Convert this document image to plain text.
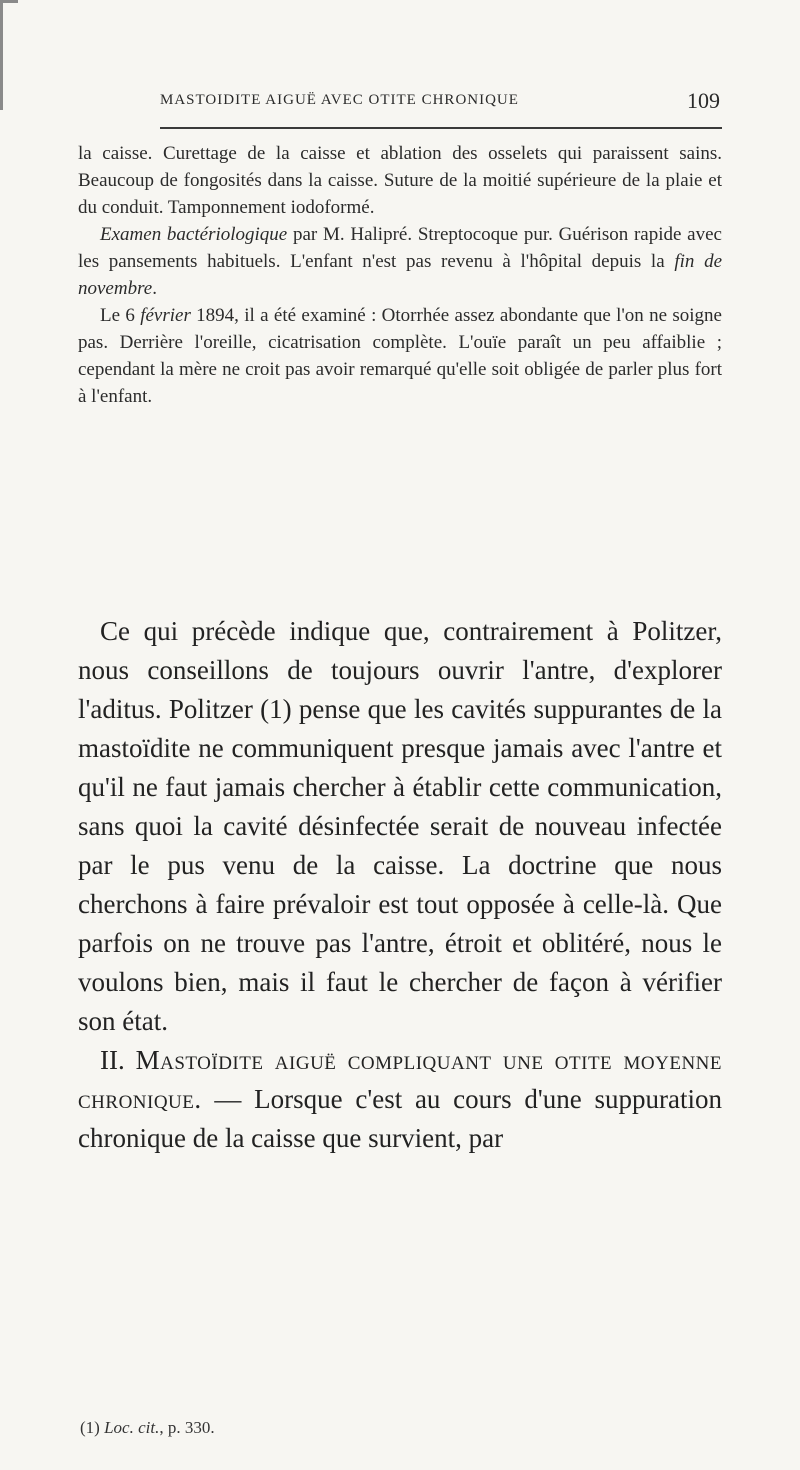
MASTOIDITE AIGUË AVEC OTITE CHRONIQUE	109

la caisse. Curettage de la caisse et ablation des osselets qui paraissent sains. Beaucoup de fongosités dans la caisse. Suture de la moitié supérieure de la plaie et du conduit. Tamponnement iodoformé.

Examen bactériologique par M. Halipré. Streptocoque pur. Guérison rapide avec les pansements habituels. L'enfant n'est pas revenu à l'hôpital depuis la fin de novembre.

Le 6 février 1894, il a été examiné : Otorrhée assez abondante que l'on ne soigne pas. Derrière l'oreille, cicatrisation complète. L'ouïe paraît un peu affaiblie ; cependant la mère ne croit pas avoir remarqué qu'elle soit obligée de parler plus fort à l'enfant.

Ce qui précède indique que, contrairement à Politzer, nous conseillons de toujours ouvrir l'antre, d'explorer l'aditus. Politzer (1) pense que les cavités suppurantes de la mastoïdite ne communiquent presque jamais avec l'antre et qu'il ne faut jamais chercher à établir cette communication, sans quoi la cavité désinfectée serait de nouveau infectée par le pus venu de la caisse. La doctrine que nous cherchons à faire prévaloir est tout opposée à celle-là. Que parfois on ne trouve pas l'antre, étroit et oblitéré, nous le voulons bien, mais il faut le chercher de façon à vérifier son état.

II. Mastoïdite aiguë compliquant une otite moyenne chronique. — Lorsque c'est au cours d'une suppuration chronique de la caisse que survient, par

(1) Loc. cit., p. 330.
